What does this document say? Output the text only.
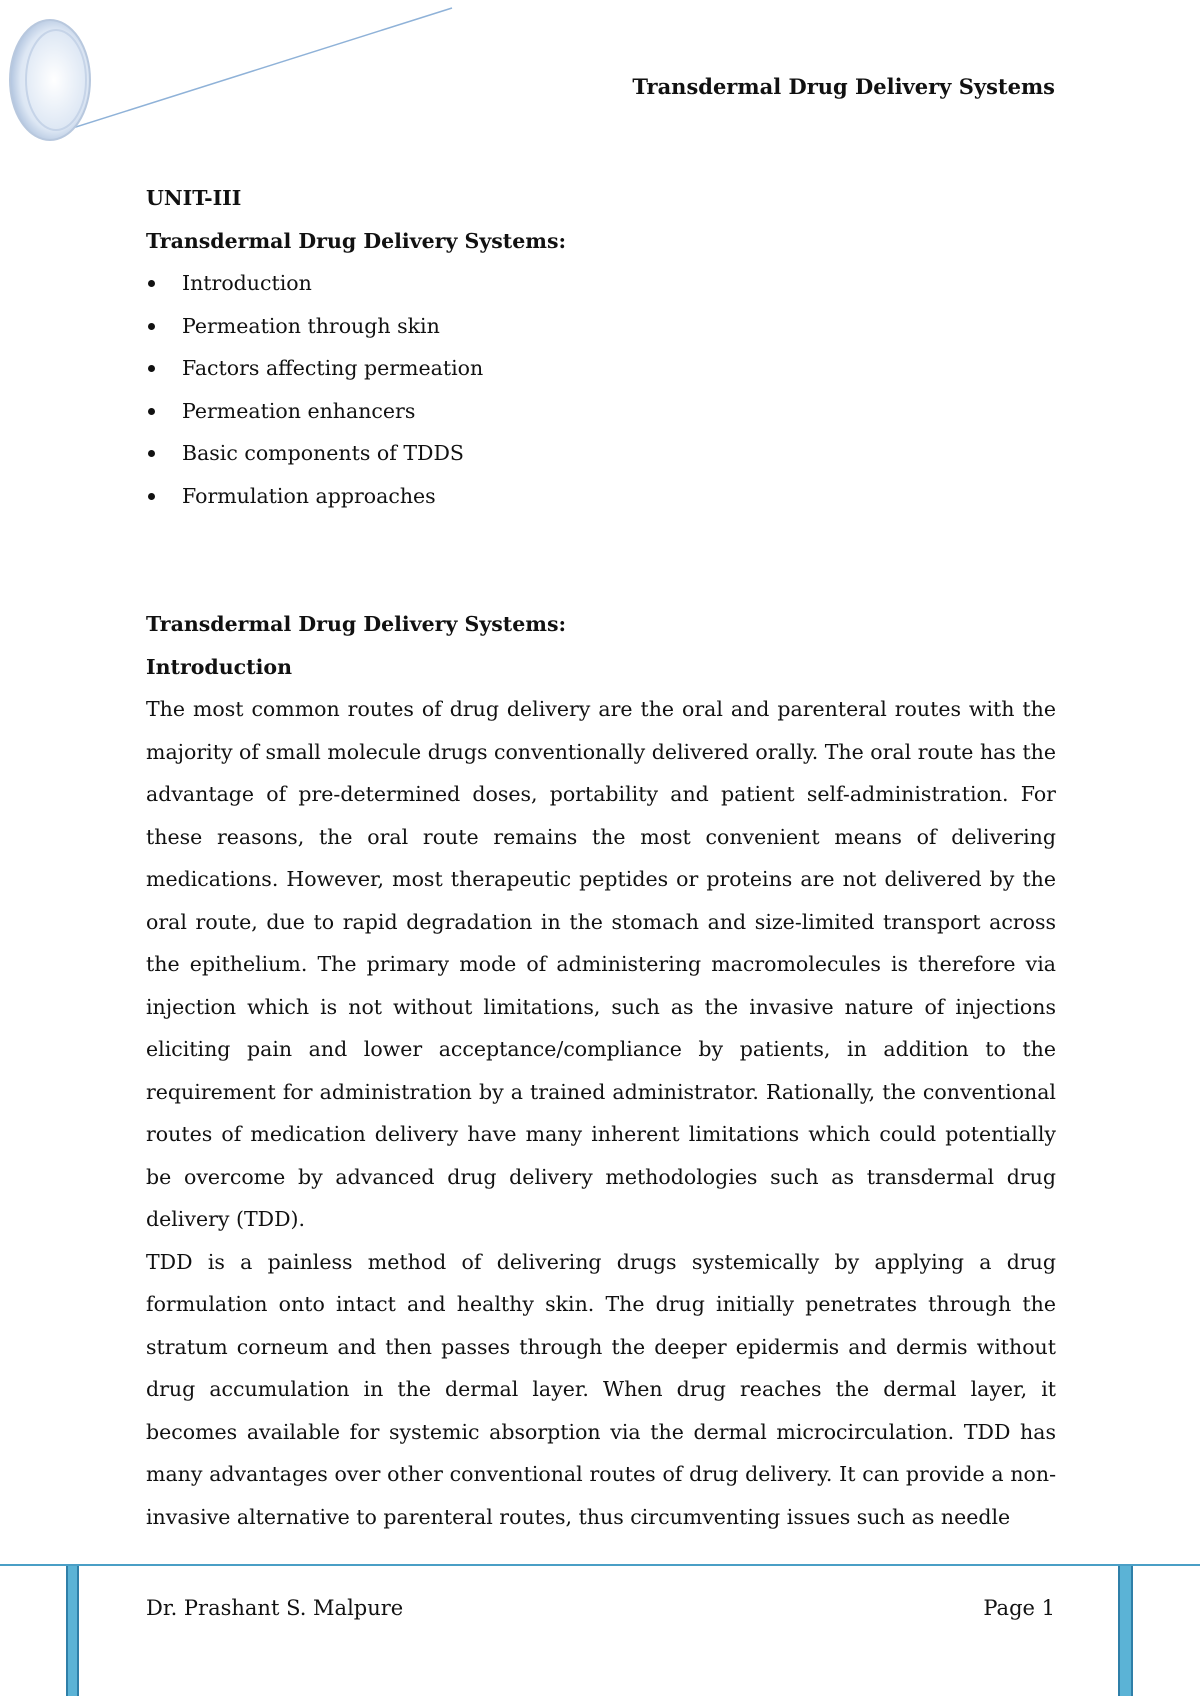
Transdermal Drug Delivery Systems
UNIT-III
Transdermal Drug Delivery Systems:
Introduction
Permeation through skin
Factors affecting permeation
Permeation enhancers
Basic components of TDDS
Formulation approaches
Transdermal Drug Delivery Systems:
Introduction

The most common routes of drug delivery are the oral and parenteral routes with the majority of small molecule drugs conventionally delivered orally. The oral route has the advantage of pre-determined doses, portability and patient self-administration. For these reasons, the oral route remains the most convenient means of delivering medications. However, most therapeutic peptides or proteins are not delivered by the oral route, due to rapid degradation in the stomach and size-limited transport across the epithelium. The primary mode of administering macromolecules is therefore via injection which is not without limitations, such as the invasive nature of injections eliciting pain and lower acceptance/compliance by patients, in addition to the requirement for administration by a trained administrator. Rationally, the conventional routes of medication delivery have many inherent limitations which could potentially be overcome by advanced drug delivery methodologies such as transdermal drug delivery (TDD).

TDD is a painless method of delivering drugs systemically by applying a drug formulation onto intact and healthy skin. The drug initially penetrates through the stratum corneum and then passes through the deeper epidermis and dermis without drug accumulation in the dermal layer. When drug reaches the dermal layer, it becomes available for systemic absorption via the dermal microcirculation. TDD has many advantages over other conventional routes of drug delivery. It can provide a non-invasive alternative to parenteral routes, thus circumventing issues such as needle

Dr. Prashant S. Malpure	Page 1
